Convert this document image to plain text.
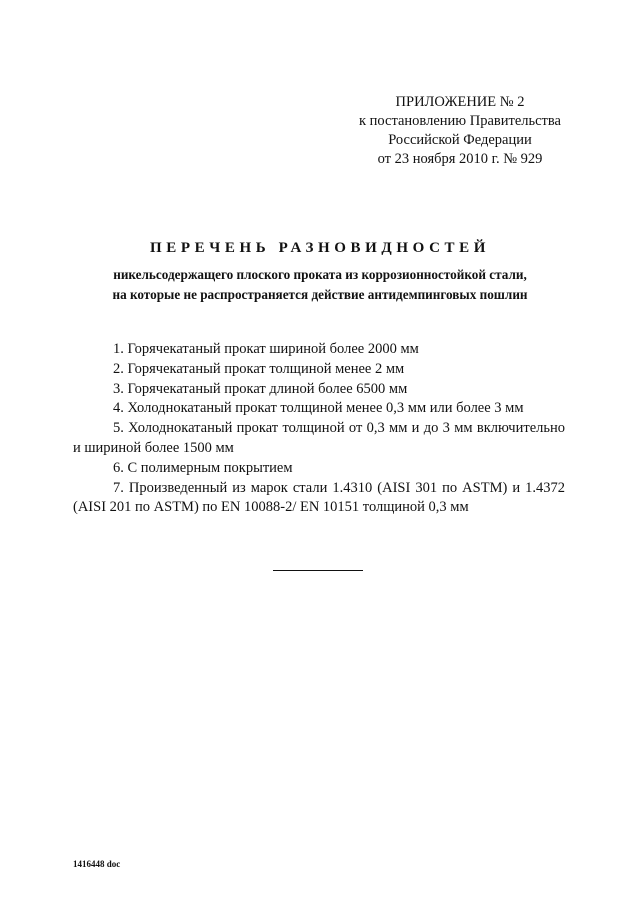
ПРИЛОЖЕНИЕ № 2
к постановлению Правительства
Российской Федерации
от 23 ноября 2010 г. № 929
ПЕРЕЧЕНЬ РАЗНОВИДНОСТЕЙ
никельсодержащего плоского проката из коррозионностойкой стали,
на которые не распространяется действие антидемпинговых пошлин
1. Горячекатаный прокат шириной более 2000 мм
2. Горячекатаный прокат толщиной менее 2 мм
3. Горячекатаный прокат длиной более 6500 мм
4. Холоднокатаный прокат толщиной менее 0,3 мм или более 3 мм
5. Холоднокатаный прокат толщиной от 0,3 мм и до 3 мм включительно и шириной более 1500 мм
6. С полимерным покрытием
7. Произведенный из марок стали 1.4310 (AISI 301 по ASTM) и 1.4372 (AISI 201 по ASTM) по EN 10088-2/ EN 10151 толщиной 0,3 мм
1416448 doc
